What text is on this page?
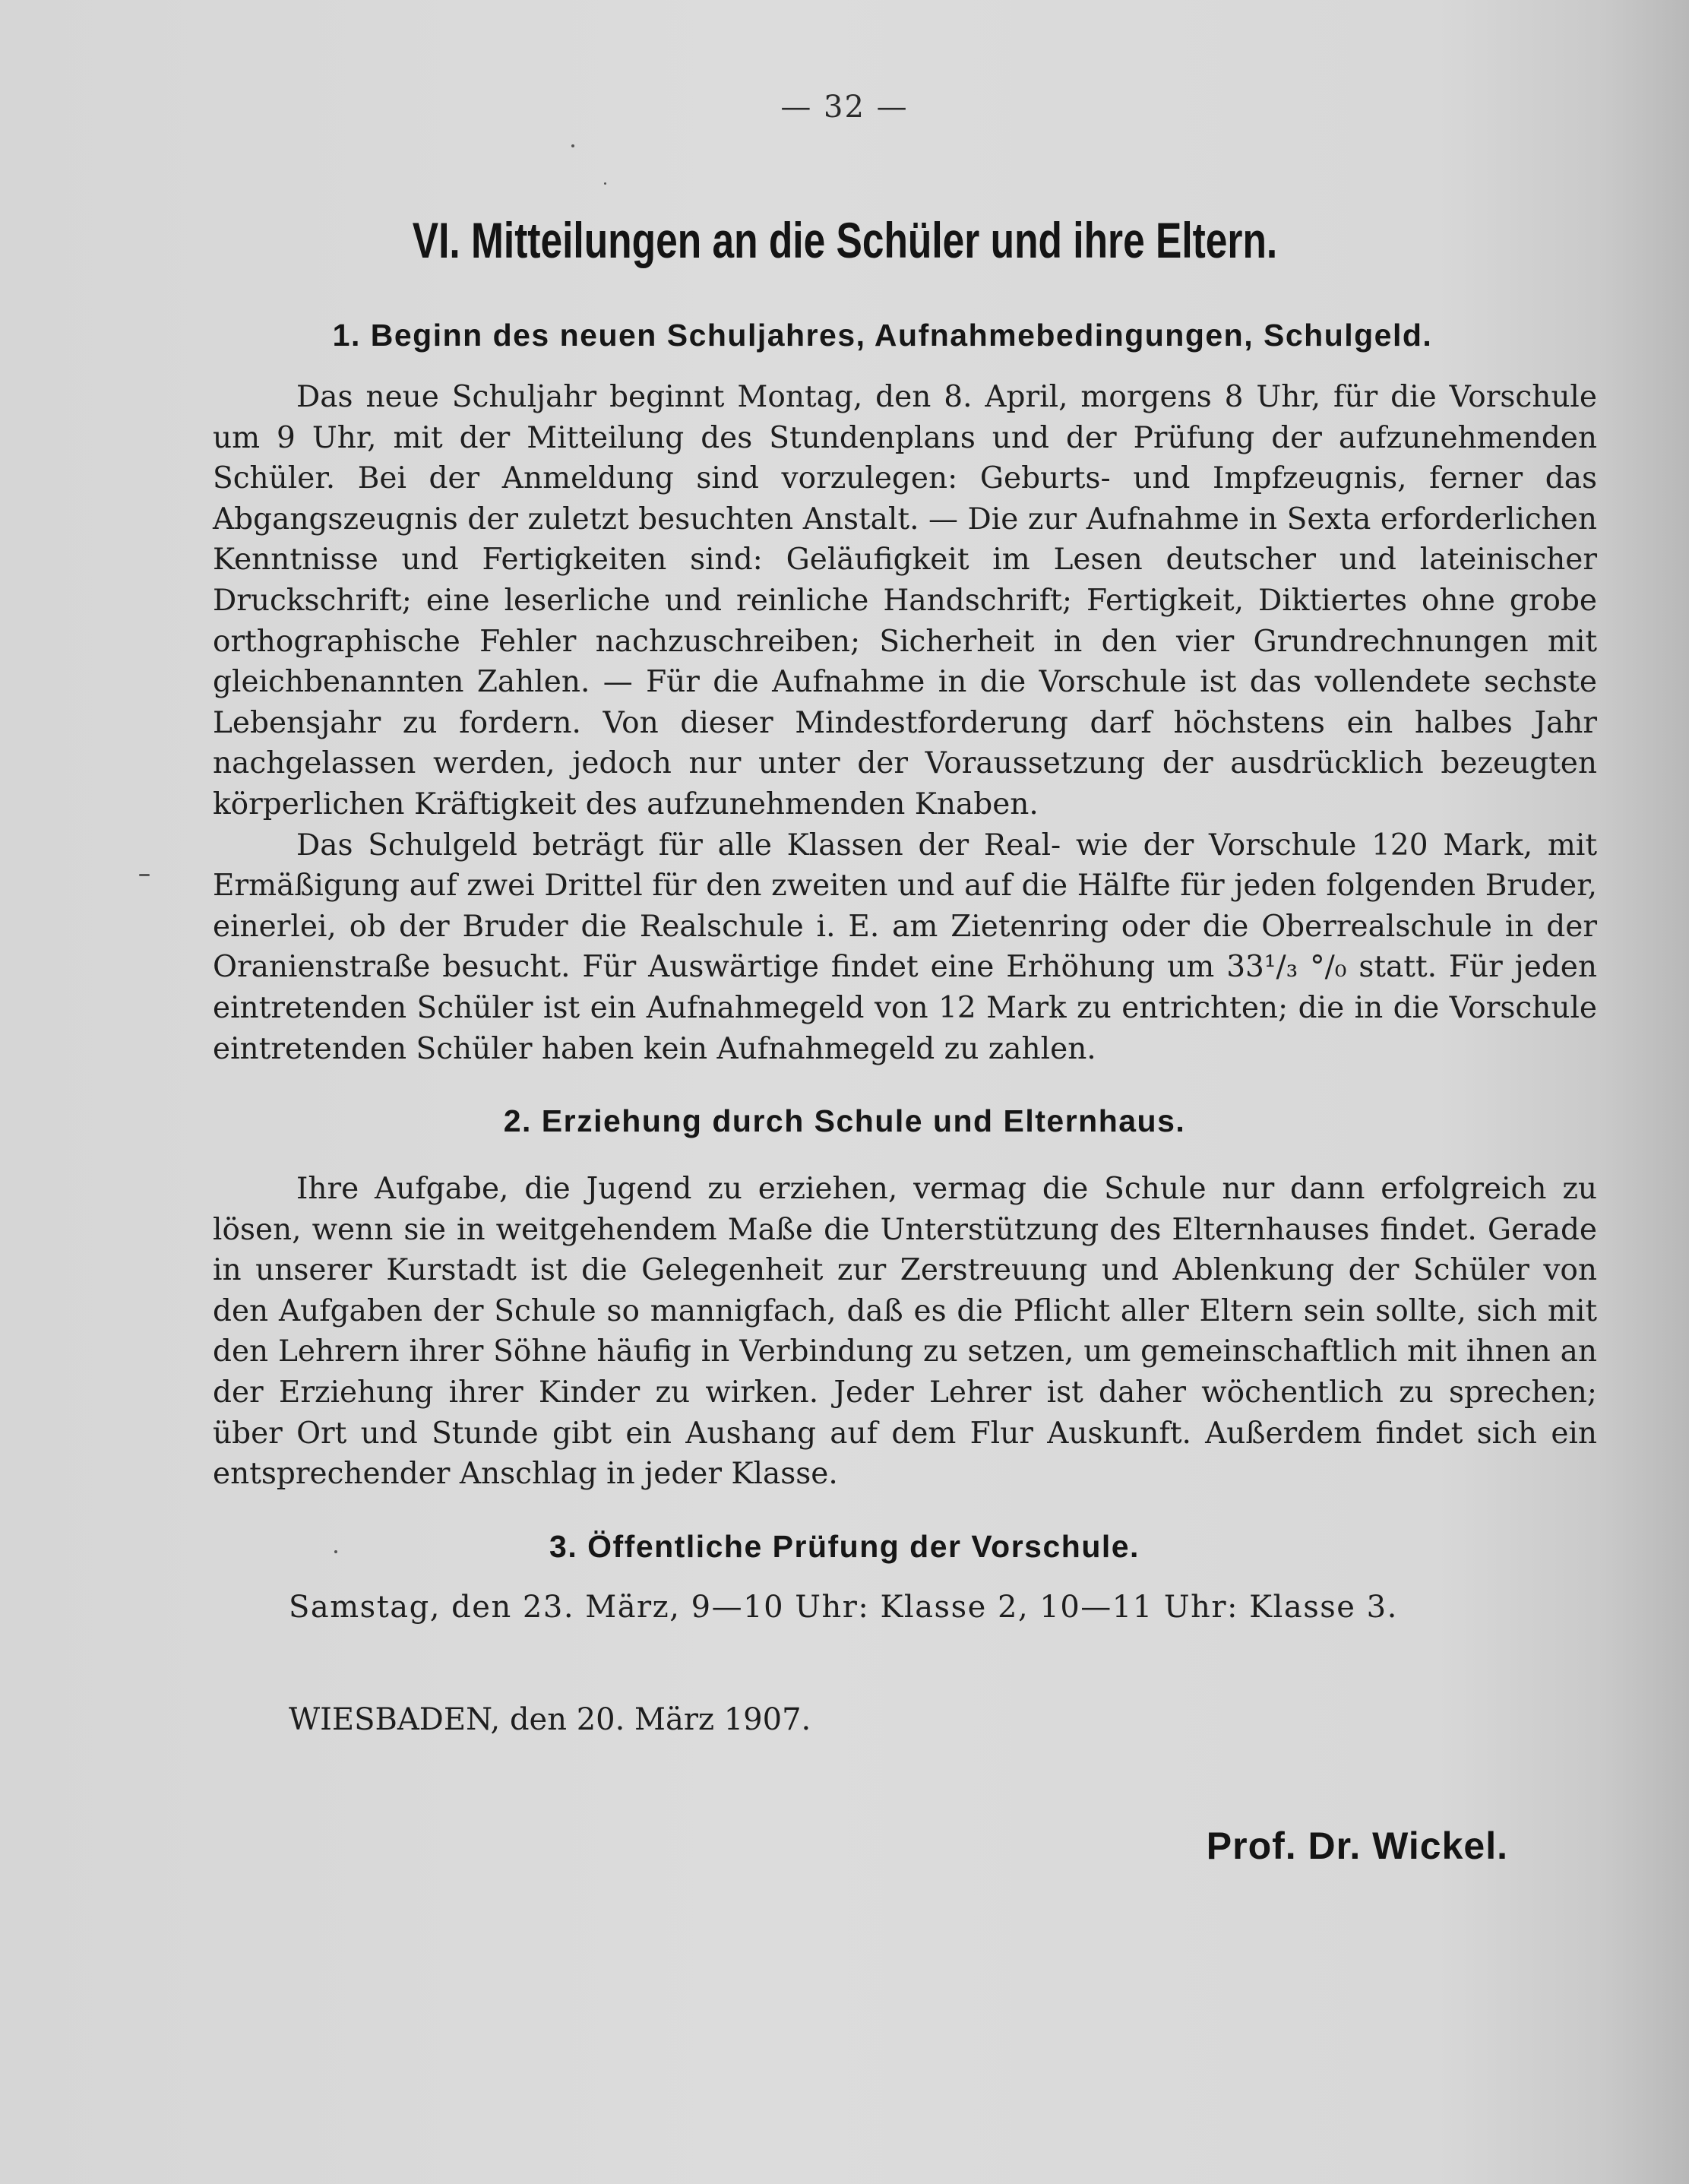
— 32 —
VI. Mitteilungen an die Schüler und ihre Eltern.
1. Beginn des neuen Schuljahres, Aufnahmebedingungen, Schulgeld.

Das neue Schuljahr beginnt Montag, den 8. April, morgens 8 Uhr, für die Vorschule um 9 Uhr, mit der Mitteilung des Stundenplans und der Prüfung der aufzunehmenden Schüler. Bei der Anmeldung sind vorzulegen: Geburts- und Impfzeugnis, ferner das Abgangszeugnis der zuletzt besuchten Anstalt. — Die zur Aufnahme in Sexta erforderlichen Kenntnisse und Fertigkeiten sind: Geläufigkeit im Lesen deutscher und lateinischer Druckschrift; eine leserliche und reinliche Handschrift; Fertigkeit, Diktiertes ohne grobe orthographische Fehler nachzuschreiben; Sicherheit in den vier Grundrechnungen mit gleichbenannten Zahlen. — Für die Aufnahme in die Vorschule ist das vollendete sechste Lebensjahr zu fordern. Von dieser Mindestforderung darf höchstens ein halbes Jahr nachgelassen werden, jedoch nur unter der Voraussetzung der ausdrücklich bezeugten körperlichen Kräftigkeit des aufzunehmenden Knaben.

Das Schulgeld beträgt für alle Klassen der Real- wie der Vorschule 120 Mark, mit Ermäßigung auf zwei Drittel für den zweiten und auf die Hälfte für jeden folgenden Bruder, einerlei, ob der Bruder die Realschule i. E. am Zietenring oder die Oberrealschule in der Oranienstraße besucht. Für Auswärtige findet eine Erhöhung um 33¹/₃ °/₀ statt. Für jeden eintretenden Schüler ist ein Aufnahmegeld von 12 Mark zu entrichten; die in die Vorschule eintretenden Schüler haben kein Aufnahmegeld zu zahlen.

2. Erziehung durch Schule und Elternhaus.

Ihre Aufgabe, die Jugend zu erziehen, vermag die Schule nur dann erfolgreich zu lösen, wenn sie in weitgehendem Maße die Unterstützung des Elternhauses findet. Gerade in unserer Kurstadt ist die Gelegenheit zur Zerstreuung und Ablenkung der Schüler von den Aufgaben der Schule so mannigfach, daß es die Pflicht aller Eltern sein sollte, sich mit den Lehrern ihrer Söhne häufig in Verbindung zu setzen, um gemeinschaftlich mit ihnen an der Erziehung ihrer Kinder zu wirken. Jeder Lehrer ist daher wöchentlich zu sprechen; über Ort und Stunde gibt ein Aushang auf dem Flur Auskunft. Außerdem findet sich ein entsprechender Anschlag in jeder Klasse.

3. Öffentliche Prüfung der Vorschule.
Samstag, den 23. März, 9—10 Uhr: Klasse 2, 10—11 Uhr: Klasse 3.
WIESBADEN, den 20. März 1907.
Prof. Dr. Wickel.
